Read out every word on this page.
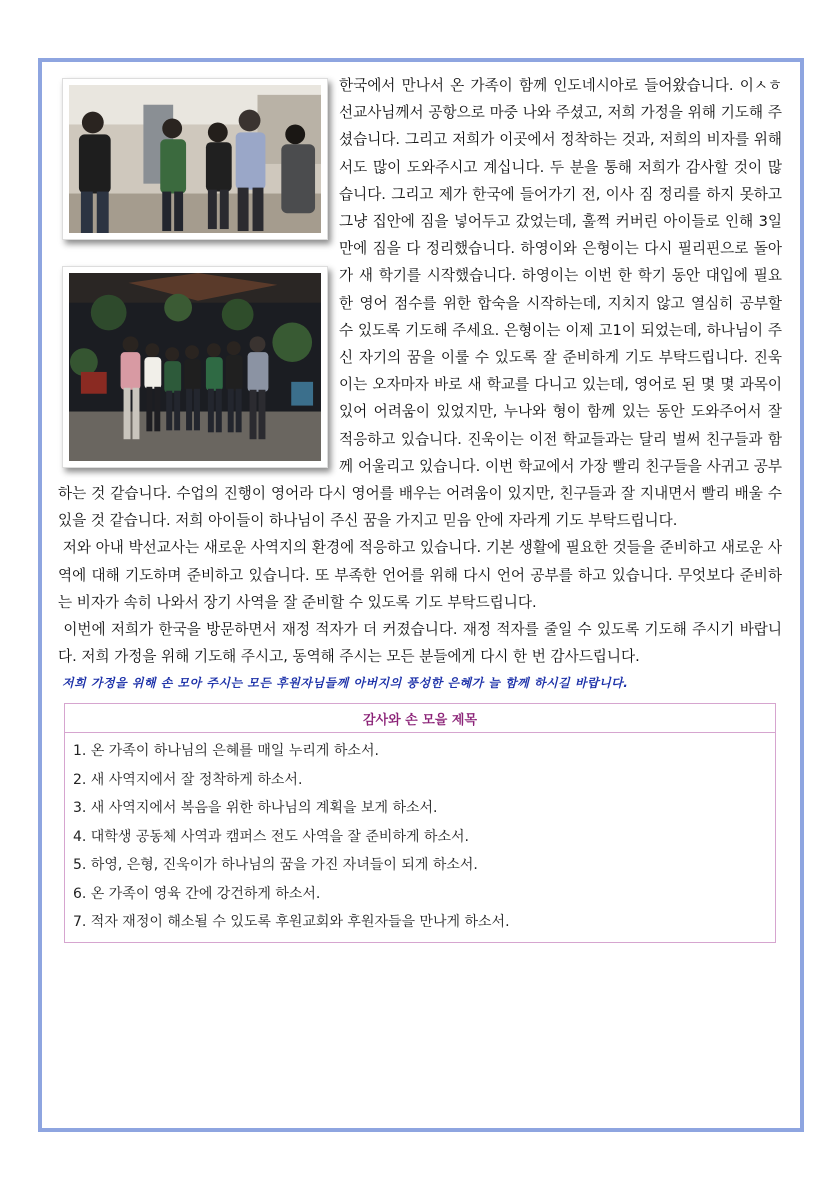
한국에서 만나서 온 가족이 함께 인도네시아로 들어왔습니다. 이ㅅㅎ 선교사님께서 공항으로 마중 나와 주셨고, 저희 가정을 위해 기도해 주셨습니다. 그리고 저희가 이곳에서 정착하는 것과, 저희의 비자를 위해서도 많이 도와주시고 계십니다. 두 분을 통해 저희가 감사할 것이 많습니다. 그리고 제가 한국에 들어가기 전, 이사 짐 정리를 하지 못하고 그냥 집안에 짐을 넣어두고 갔었는데, 훌쩍 커버린 아이들로 인해 3일 만에 짐을 다 정리했습니다. 하영이와 은형이는 다시 필리핀으로 돌아가 새 학기를 시작했습니다. 하영이는 이번 한 학기 동안 대입에 필요한 영어 점수를 위한 합숙을 시작하는데, 지치지 않고 열심히 공부할 수 있도록 기도해 주세요. 은형이는 이제 고1이 되었는데, 하나님이 주신 자기의 꿈을 이룰 수 있도록 잘 준비하게 기도 부탁드립니다. 진욱이는 오자마자 바로 새 학교를 다니고 있는데, 영어로 된 몇 몇 과목이 있어 어려움이 있었지만, 누나와 형이 함께 있는 동안 도와주어서 잘 적응하고 있습니다. 진욱이는 이전 학교들과는 달리 벌써 친구들과 함께 어울리고 있습니다. 이번 학교에서 가장 빨리 친구들을 사귀고 공부하는 것 같습니다. 수업의 진행이 영어라 다시 영어를 배우는 어려움이 있지만, 친구들과 잘 지내면서 빨리 배울 수 있을 것 같습니다. 저희 아이들이 하나님이 주신 꿈을 가지고 믿음 안에 자라게 기도 부탁드립니다.

저와 아내 박선교사는 새로운 사역지의 환경에 적응하고 있습니다. 기본 생활에 필요한 것들을 준비하고 새로운 사역에 대해 기도하며 준비하고 있습니다. 또 부족한 언어를 위해 다시 언어 공부를 하고 있습니다. 무엇보다 준비하는 비자가 속히 나와서 장기 사역을 잘 준비할 수 있도록 기도 부탁드립니다.

이번에 저희가 한국을 방문하면서 재정 적자가 더 커졌습니다. 재정 적자를 줄일 수 있도록 기도해 주시기 바랍니다. 저희 가정을 위해 기도해 주시고, 동역해 주시는 모든 분들에게 다시 한 번 감사드립니다.

저희 가정을 위해 손 모아 주시는 모든 후원자님들께 아버지의 풍성한 은혜가 늘 함께 하시길 바랍니다.
감사와 손 모을 제목
1. 온 가족이 하나님의 은혜를 매일 누리게 하소서.
2. 새 사역지에서 잘 정착하게 하소서.
3. 새 사역지에서 복음을 위한 하나님의 계획을 보게 하소서.
4. 대학생 공동체 사역과 캠퍼스 전도 사역을 잘 준비하게 하소서.
5. 하영, 은형, 진욱이가 하나님의 꿈을 가진 자녀들이 되게 하소서.
6. 온 가족이 영육 간에 강건하게 하소서.
7. 적자 재정이 해소될 수 있도록 후원교회와 후원자들을 만나게 하소서.
